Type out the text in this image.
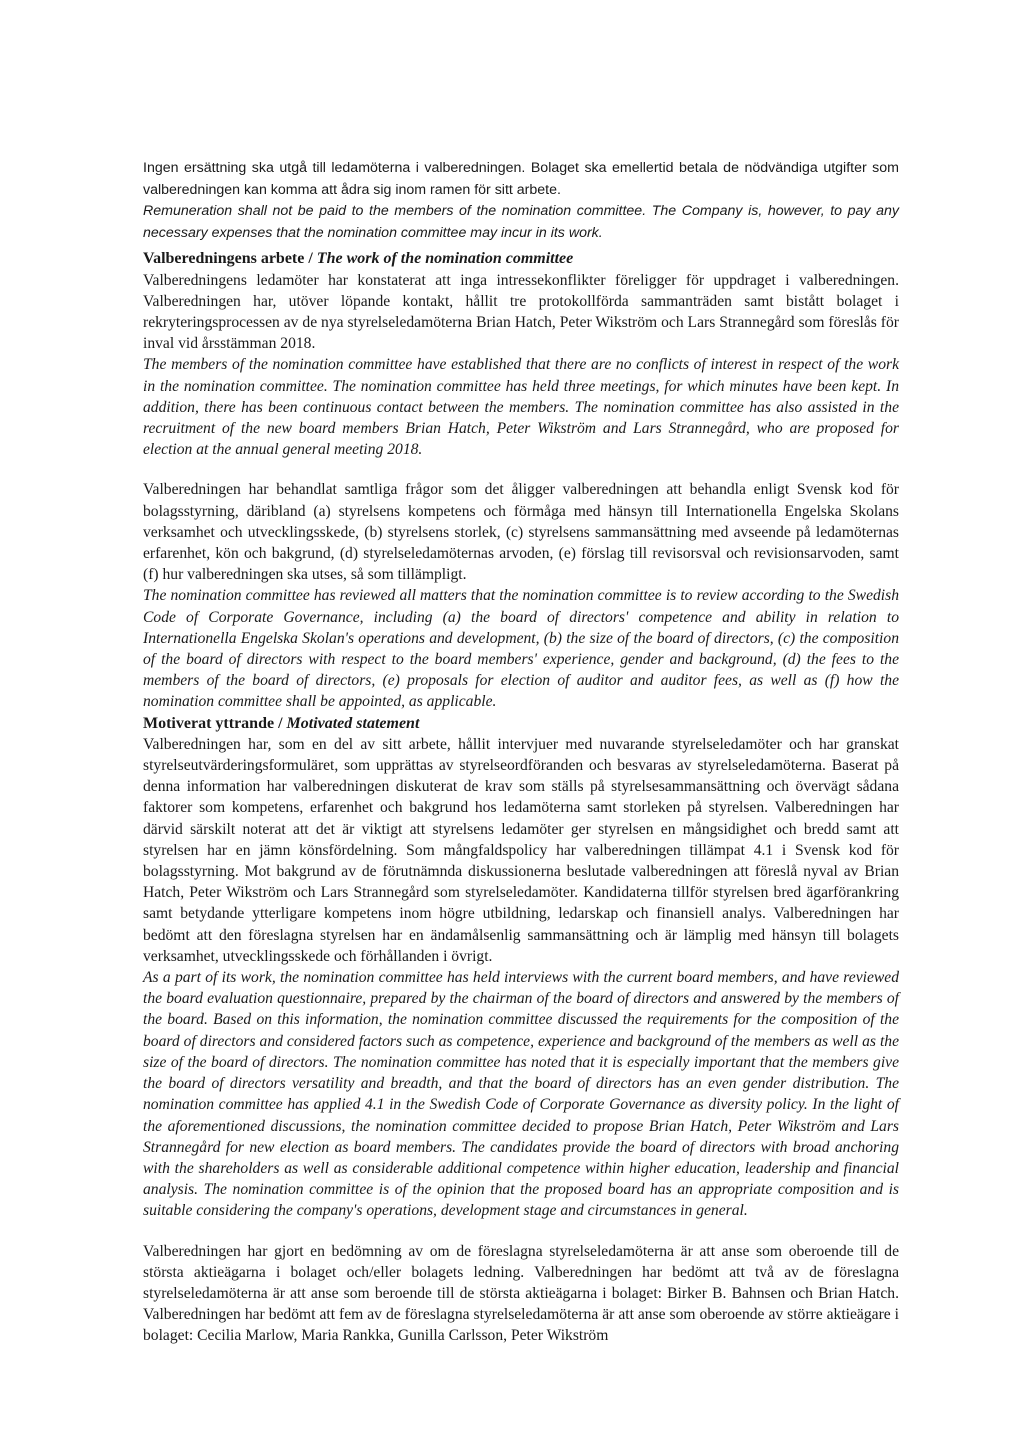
Ingen ersättning ska utgå till ledamöterna i valberedningen. Bolaget ska emellertid betala de nödvändiga utgifter som valberedningen kan komma att ådra sig inom ramen för sitt arbete.

Remuneration shall not be paid to the members of the nomination committee. The Company is, however, to pay any necessary expenses that the nomination committee may incur in its work.

Valberedningens arbete / The work of the nomination committee

Valberedningens ledamöter har konstaterat att inga intressekonflikter föreligger för uppdraget i valberedningen. Valberedningen har, utöver löpande kontakt, hållit tre protokollförda sammanträden samt bistått bolaget i rekryteringsprocessen av de nya styrelseledamöterna Brian Hatch, Peter Wikström och Lars Strannegård som föreslås för inval vid årsstämman 2018.

The members of the nomination committee have established that there are no conflicts of interest in respect of the work in the nomination committee. The nomination committee has held three meetings, for which minutes have been kept. In addition, there has been continuous contact between the members. The nomination committee has also assisted in the recruitment of the new board members Brian Hatch, Peter Wikström and Lars Strannegård, who are proposed for election at the annual general meeting 2018.

Valberedningen har behandlat samtliga frågor som det åligger valberedningen att behandla enligt Svensk kod för bolagsstyrning, däribland (a) styrelsens kompetens och förmåga med hänsyn till Internationella Engelska Skolans verksamhet och utvecklingsskede, (b) styrelsens storlek, (c) styrelsens sammansättning med avseende på ledamöternas erfarenhet, kön och bakgrund, (d) styrelseledamöternas arvoden, (e) förslag till revisorsval och revisionsarvoden, samt (f) hur valberedningen ska utses, så som tillämpligt.

The nomination committee has reviewed all matters that the nomination committee is to review according to the Swedish Code of Corporate Governance, including (a) the board of directors' competence and ability in relation to Internationella Engelska Skolan's operations and development, (b) the size of the board of directors, (c) the composition of the board of directors with respect to the board members' experience, gender and background, (d) the fees to the members of the board of directors, (e) proposals for election of auditor and auditor fees, as well as (f) how the nomination committee shall be appointed, as applicable.

Motiverat yttrande / Motivated statement

Valberedningen har, som en del av sitt arbete, hållit intervjuer med nuvarande styrelseledamöter och har granskat styrelseutvärderingsformuläret, som upprättas av styrelseordföranden och besvaras av styrelseledamöterna. Baserat på denna information har valberedningen diskuterat de krav som ställs på styrelsesammansättning och övervägt sådana faktorer som kompetens, erfarenhet och bakgrund hos ledamöterna samt storleken på styrelsen. Valberedningen har därvid särskilt noterat att det är viktigt att styrelsens ledamöter ger styrelsen en mångsidighet och bredd samt att styrelsen har en jämn könsfördelning. Som mångfaldspolicy har valberedningen tillämpat 4.1 i Svensk kod för bolagsstyrning. Mot bakgrund av de förutnämnda diskussionerna beslutade valberedningen att föreslå nyval av Brian Hatch, Peter Wikström och Lars Strannegård som styrelseledamöter. Kandidaterna tillför styrelsen bred ägarförankring samt betydande ytterligare kompetens inom högre utbildning, ledarskap och finansiell analys. Valberedningen har bedömt att den föreslagna styrelsen har en ändamålsenlig sammansättning och är lämplig med hänsyn till bolagets verksamhet, utvecklingsskede och förhållanden i övrigt.

As a part of its work, the nomination committee has held interviews with the current board members, and have reviewed the board evaluation questionnaire, prepared by the chairman of the board of directors and answered by the members of the board. Based on this information, the nomination committee discussed the requirements for the composition of the board of directors and considered factors such as competence, experience and background of the members as well as the size of the board of directors. The nomination committee has noted that it is especially important that the members give the board of directors versatility and breadth, and that the board of directors has an even gender distribution. The nomination committee has applied 4.1 in the Swedish Code of Corporate Governance as diversity policy. In the light of the aforementioned discussions, the nomination committee decided to propose Brian Hatch, Peter Wikström and Lars Strannegård for new election as board members. The candidates provide the board of directors with broad anchoring with the shareholders as well as considerable additional competence within higher education, leadership and financial analysis. The nomination committee is of the opinion that the proposed board has an appropriate composition and is suitable considering the company's operations, development stage and circumstances in general.

Valberedningen har gjort en bedömning av om de föreslagna styrelseledamöterna är att anse som oberoende till de största aktieägarna i bolaget och/eller bolagets ledning. Valberedningen har bedömt att två av de föreslagna styrelseledamöterna är att anse som beroende till de största aktieägarna i bolaget: Birker B. Bahnsen och Brian Hatch. Valberedningen har bedömt att fem av de föreslagna styrelseledamöterna är att anse som oberoende av större aktieägare i bolaget: Cecilia Marlow, Maria Rankka, Gunilla Carlsson, Peter Wikström
